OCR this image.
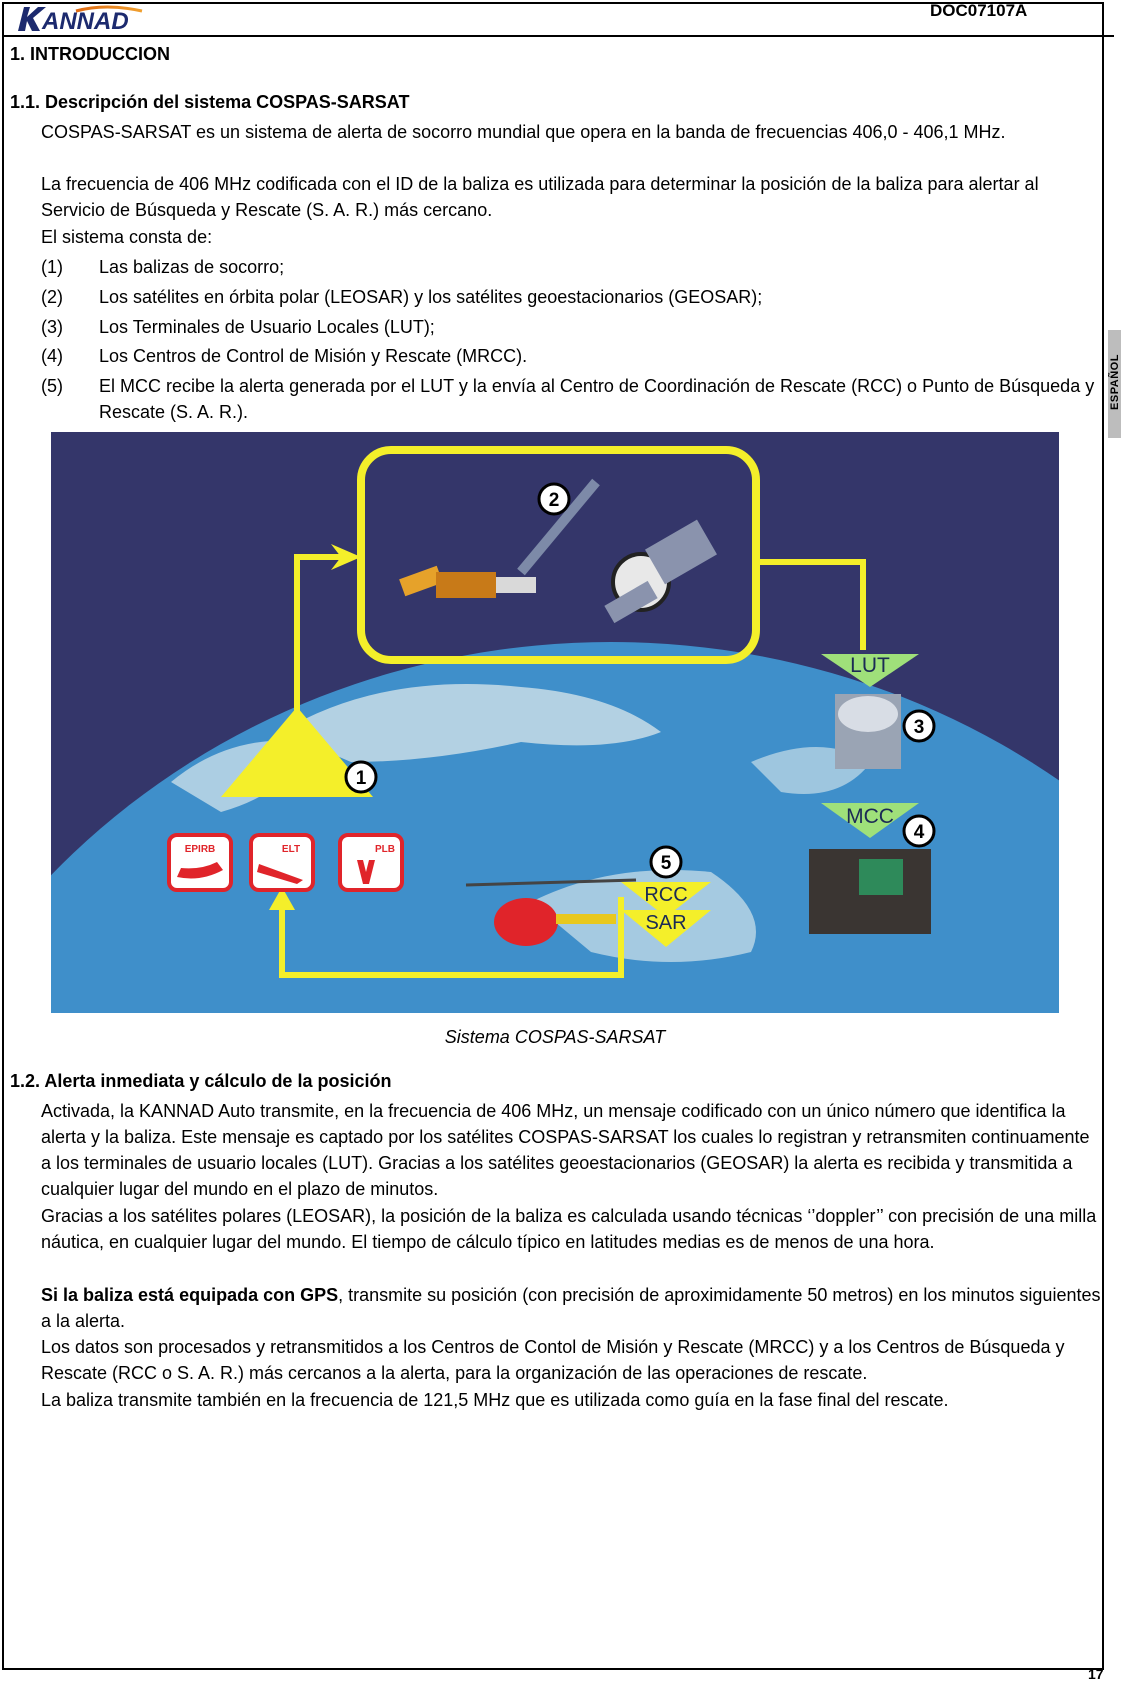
ANNAD	DOC07107A
17
ESPAÑOL
1. INTRODUCCION
1.1. Descripción del sistema COSPAS-SARSAT
COSPAS-SARSAT es un sistema de alerta de socorro mundial que opera en la banda de frecuencias 406,0 - 406,1 MHz.
La frecuencia de 406 MHz codificada con el ID de la baliza es utilizada para determinar la posición de la baliza para alertar al Servicio de Búsqueda y Rescate (S. A. R.) más cercano.
El sistema consta de:
(1) Las balizas de socorro;
(2) Los satélites en órbita polar (LEOSAR) y los satélites geoestacionarios (GEOSAR);
(3) Los Terminales de Usuario Locales (LUT);
(4) Los Centros de Control de Misión y Rescate (MRCC).
(5) El MCC recibe la alerta generada por el LUT y la envía al Centro de Coordinación de Rescate (RCC) o Punto de Búsqueda y Rescate (S. A. R.).
EPIRB	ELT	PLB
LUT
MCC
RCC
SAR
2
1
3
4
5
Sistema COSPAS-SARSAT
1.2. Alerta inmediata y cálculo de la posición
Activada, la KANNAD Auto transmite, en la frecuencia de 406 MHz, un mensaje codificado con un único número que identifica la alerta y la baliza. Este mensaje es captado por los satélites COSPAS-SARSAT los cuales lo registran y retransmiten continuamente a los terminales de usuario locales (LUT). Gracias a los satélites geoestacionarios (GEOSAR) la alerta es recibida y transmitida a cualquier lugar del mundo en el plazo de minutos.
Gracias a los satélites polares (LEOSAR), la posición de la baliza es calculada usando técnicas ‘’doppler’’ con precisión de una milla náutica, en cualquier lugar del mundo. El tiempo de cálculo típico en latitudes medias es de menos de una hora.
Si la baliza está equipada con GPS, transmite su posición (con precisión de aproximidamente 50 metros) en los minutos siguientes a la alerta.
Los datos son procesados y retransmitidos a los Centros de Contol de Misión y Rescate (MRCC) y a los Centros de Búsqueda y Rescate (RCC o S. A. R.) más cercanos a la alerta, para la organización de las operaciones de rescate.
La baliza transmite también en la frecuencia de 121,5 MHz que es utilizada como guía en la fase final del rescate.
